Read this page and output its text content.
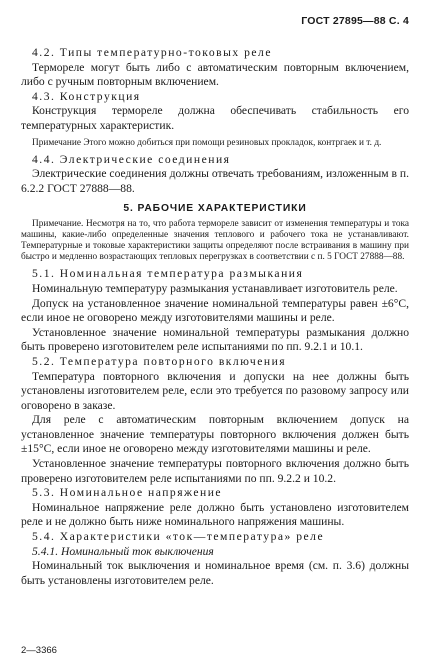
ГОСТ 27895—88 С. 4

4.2. Типы температурно-токовых реле

Термореле могут быть либо с автоматическим повторным включением, либо с ручным повторным включением.

4.3. Конструкция

Конструкция термореле должна обеспечивать стабильность его температурных характеристик.

Примечание Этого можно добиться при помощи резиновых прокладок, контргаек и т. д.

4.4. Электрические соединения

Электрические соединения должны отвечать требованиям, изложенным в п. 6.2.2 ГОСТ 27888—88.

5. РАБОЧИЕ ХАРАКТЕРИСТИКИ

Примечание. Несмотря на то, что работа термореле зависит от изменения температуры и тока машины, какие-либо определенные значения теплового и рабочего тока не устанавливают. Температурные и токовые характеристики защиты определяют после встраивания в машину при быстро и медленно возрастающих тепловых перегрузках в соответствии с п. 5 ГОСТ 27888—88.

5.1. Номинальная температура размыкания

Номинальную температуру размыкания устанавливает изготовитель реле.

Допуск на установленное значение номинальной температуры равен ±6°С, если иное не оговорено между изготовителями машины и реле.

Установленное значение номинальной температуры размыкания должно быть проверено изготовителем реле испытаниями по пп. 9.2.1 и 10.1.

5.2. Температура повторного включения

Температура повторного включения и допуски на нее должны быть установлены изготовителем реле, если это требуется по разовому запросу или оговорено в заказе.

Для реле с автоматическим повторным включением допуск на установленное значение температуры повторного включения должен быть ±15°С, если иное не оговорено между изготовителями машины и реле.

Установленное значение температуры повторного включения должно быть проверено изготовителем реле испытаниями по пп. 9.2.2 и 10.2.

5.3. Номинальное напряжение

Номинальное напряжение реле должно быть установлено изготовителем реле и не должно быть ниже номинального напряжения машины.

5.4. Характеристики «ток—температура» реле

5.4.1. Номинальный ток выключения

Номинальный ток выключения и номинальное время (см. п. 3.6) должны быть установлены изготовителем реле.

2—3366
